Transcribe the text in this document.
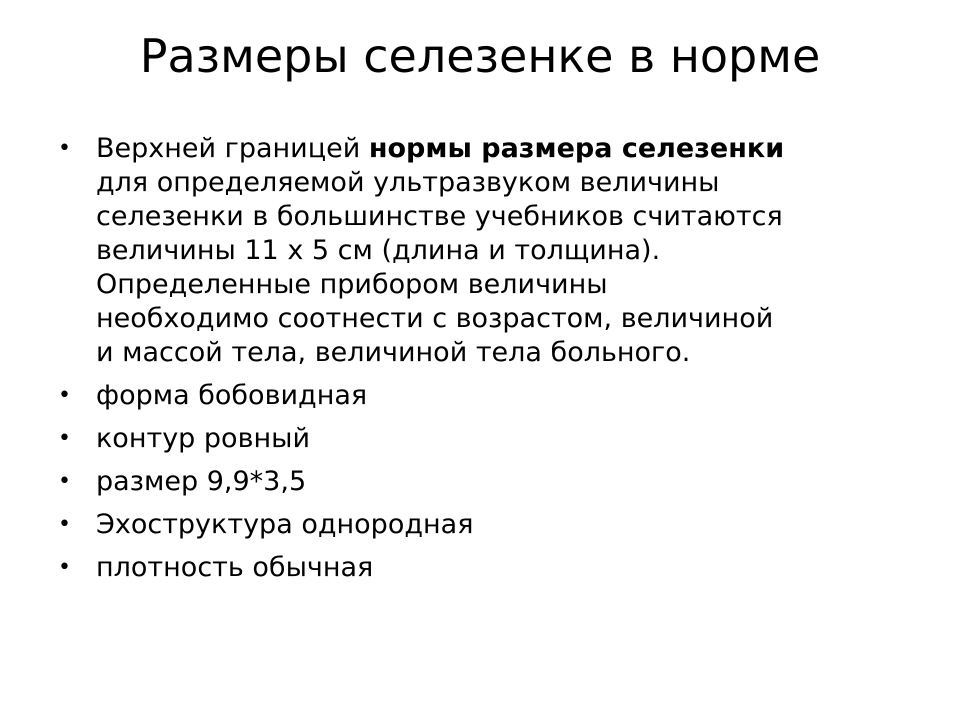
Размеры селезенке в норме
• Верхней границей нормы размера селезенки для определяемой ультразвуком величины селезенки в большинстве учебников считаются величины 11 х 5 см (длина и толщина). Определенные прибором величины необходимо соотнести с возрастом, величиной и массой тела, величиной тела больного.
• форма бобовидная
• контур ровный
• размер 9,9*3,5
• Эхоструктура однородная
• плотность обычная
